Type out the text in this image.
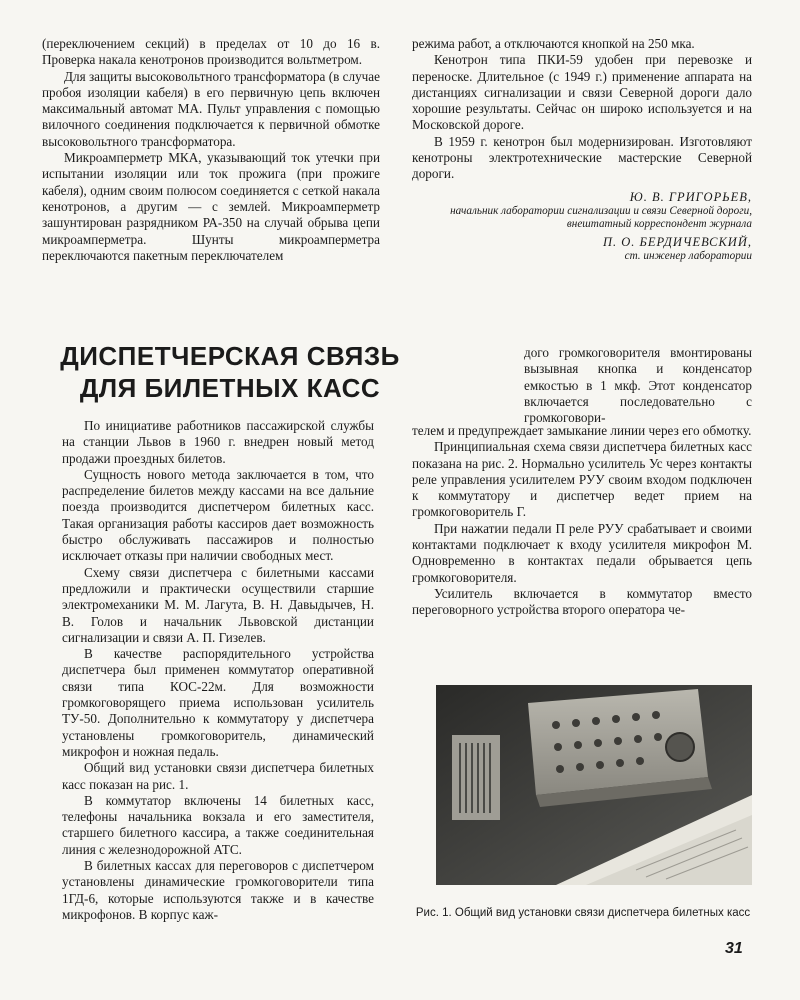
(переключением секций) в пределах от 10 до 16 в. Проверка накала кенотронов производится вольтметром.

Для защиты высоковольтного трансформатора (в случае пробоя изоляции кабеля) в его первичную цепь включен максимальный автомат МА. Пульт управления с помощью вилочного соединения подключается к первичной обмотке высоковольтного трансформатора.

Микроамперметр МКА, указывающий ток утечки при испытании изоляции или ток прожига (при прожиге кабеля), одним своим полюсом соединяется с сеткой накала кенотронов, а другим — с землей. Микроамперметр зашунтирован разрядником РА-350 на случай обрыва цепи микроамперметра. Шунты микроамперметра переключаются пакетным переключателем

режима работ, а отключаются кнопкой на 250 мка.

Кенотрон типа ПКИ-59 удобен при перевозке и переноске. Длительное (с 1949 г.) применение аппарата на дистанциях сигнализации и связи Северной дороги дало хорошие результаты. Сейчас он широко используется и на Московской дороге.

В 1959 г. кенотрон был модернизирован. Изготовляют кенотроны электротехнические мастерские Северной дороги.

Ю. В. ГРИГОРЬЕВ,
начальник лаборатории сигнализации и связи Северной дороги, внештатный корреспондент журнала
П. О. БЕРДИЧЕВСКИЙ,
ст. инженер лаборатории
ДИСПЕТЧЕРСКАЯ СВЯЗЬ ДЛЯ БИЛЕТНЫХ КАСС

По инициативе работников пассажирской службы на станции Львов в 1960 г. внедрен новый метод продажи проездных билетов.

Сущность нового метода заключается в том, что распределение билетов между кассами на все дальние поезда производится диспетчером билетных касс. Такая организация работы кассиров дает возможность быстро обслуживать пассажиров и полностью исключает отказы при наличии свободных мест.

Схему связи диспетчера с билетными кассами предложили и практически осуществили старшие электромеханики М. М. Лагута, В. Н. Давыдычев, Н. В. Голов и начальник Львовской дистанции сигнализации и связи А. П. Гизелев.

В качестве распорядительного устройства диспетчера был применен коммутатор оперативной связи типа КОС-22м. Для возможности громкоговорящего приема использован усилитель ТУ-50. Дополнительно к коммутатору у диспетчера установлены громкоговоритель, динамический микрофон и ножная педаль.

Общий вид установки связи диспетчера билетных касс показан на рис. 1.

В коммутатор включены 14 билетных касс, телефоны начальника вокзала и его заместителя, старшего билетного кассира, а также соединительная линия с железнодорожной АТС.

В билетных кассах для переговоров с диспетчером установлены динамические громкоговорители типа 1ГД-6, которые используются также и в качестве микрофонов. В корпус каж-

дого громкоговорителя вмонтированы вызывная кнопка и конденсатор емкостью в 1 мкф. Этот конденсатор включается последовательно с громкоговори-

телем и предупреждает замыкание линии через его обмотку.

Принципиальная схема связи диспетчера билетных касс показана на рис. 2. Нормально усилитель Ус через контакты реле управления усилителем РУУ своим входом подключен к коммутатору и диспетчер ведет прием на громкоговоритель Г.

При нажатии педали П реле РУУ срабатывает и своими контактами подключает к входу усилителя микрофон М. Одновременно в контактах педали обрывается цепь громкоговорителя.

Усилитель включается в коммутатор вместо переговорного устройства второго оператора че-

Рис. 1. Общий вид установки связи диспетчера билетных касс
31
